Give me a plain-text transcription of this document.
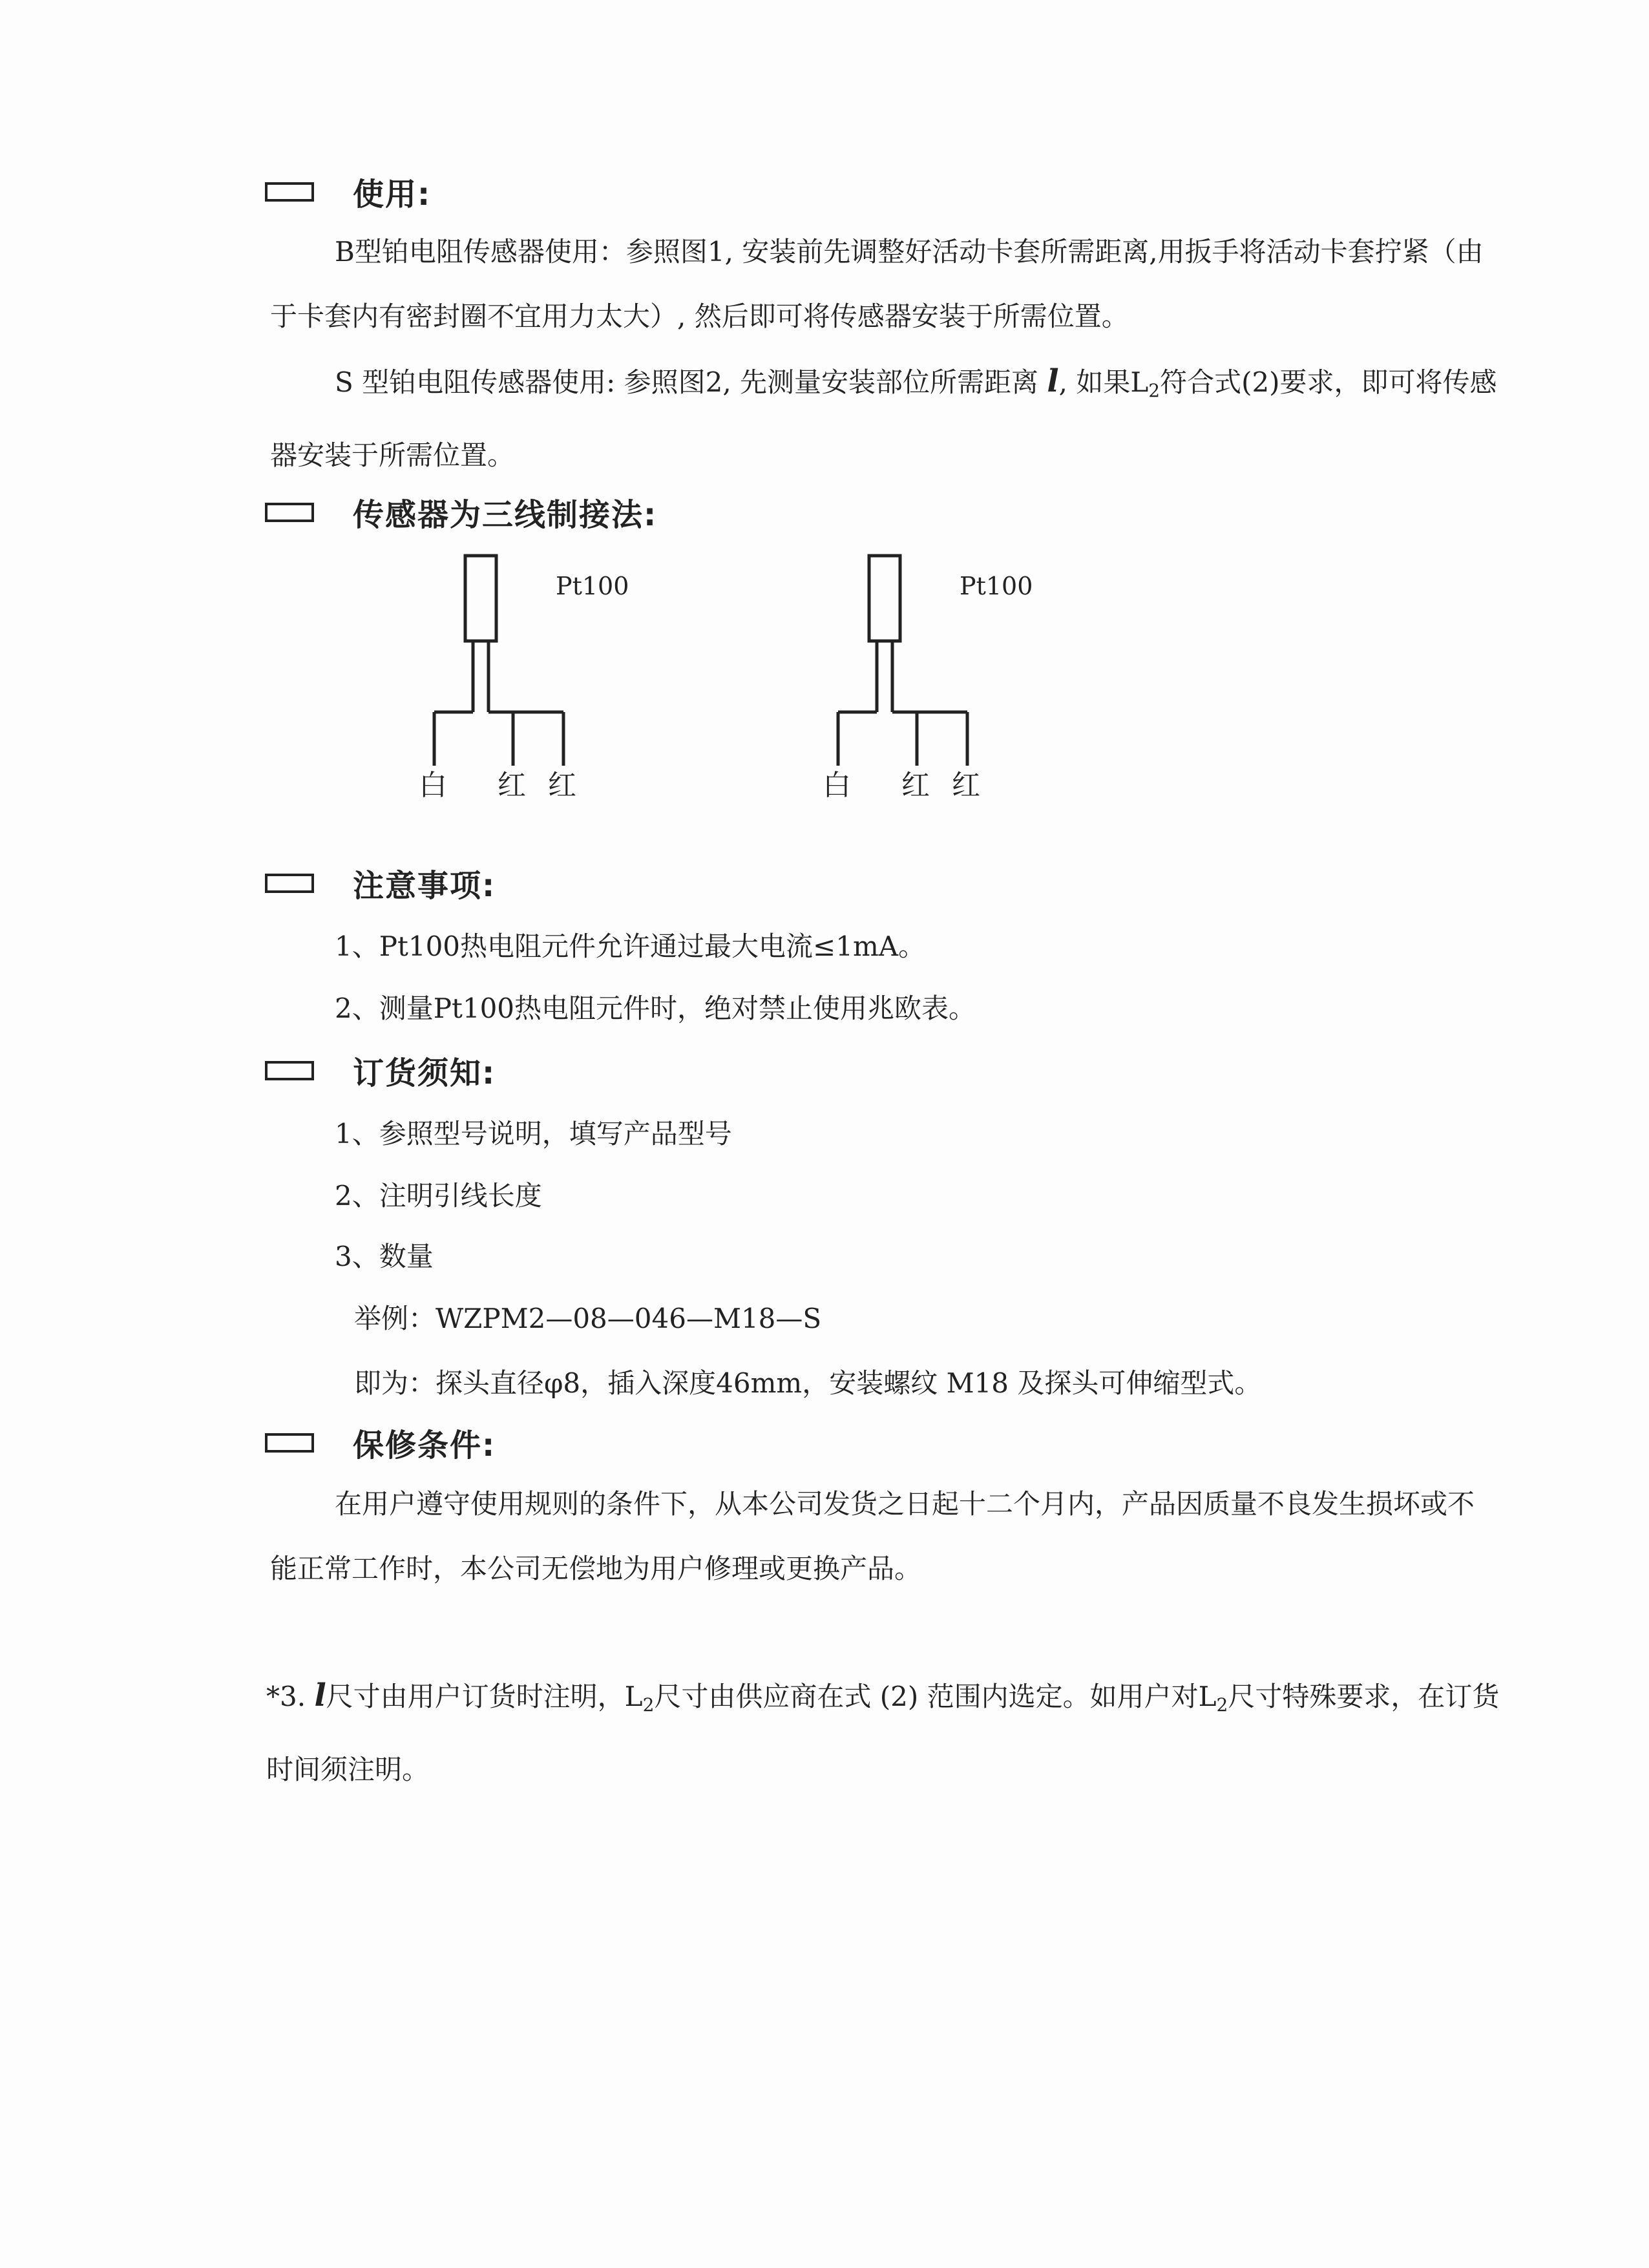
使用:
B型铂电阻传感器使用：参照图1, 安装前先调整好活动卡套所需距离,用扳手将活动卡套拧紧（由于卡套内有密封圈不宜用力太大）, 然后即可将传感器安装于所需位置。
S 型铂电阻传感器使用: 参照图2, 先测量安装部位所需距离 l, 如果$L_2$符合式(2)要求，即可将传感器安装于所需位置。
传感器为三线制接法:
Pt100
白 红 红
Pt100
白 红 红
注意事项:
1、Pt100热电阻元件允许通过最大电流≤1mA。
2、测量Pt100热电阻元件时，绝对禁止使用兆欧表。
订货须知:
1、参照型号说明，填写产品型号
2、注明引线长度
3、数量
举例：WZPM2—08—046—M18—S
即为：探头直径φ8，插入深度46mm，安装螺纹 M18 及探头可伸缩型式。
保修条件:
在用户遵守使用规则的条件下，从本公司发货之日起十二个月内，产品因质量不良发生损坏或不能正常工作时，本公司无偿地为用户修理或更换产品。
*3. l尺寸由用户订货时注明，$L_2$尺寸由供应商在式 (2) 范围内选定。如用户对$L_2$尺寸特殊要求，在订货时间须注明。
